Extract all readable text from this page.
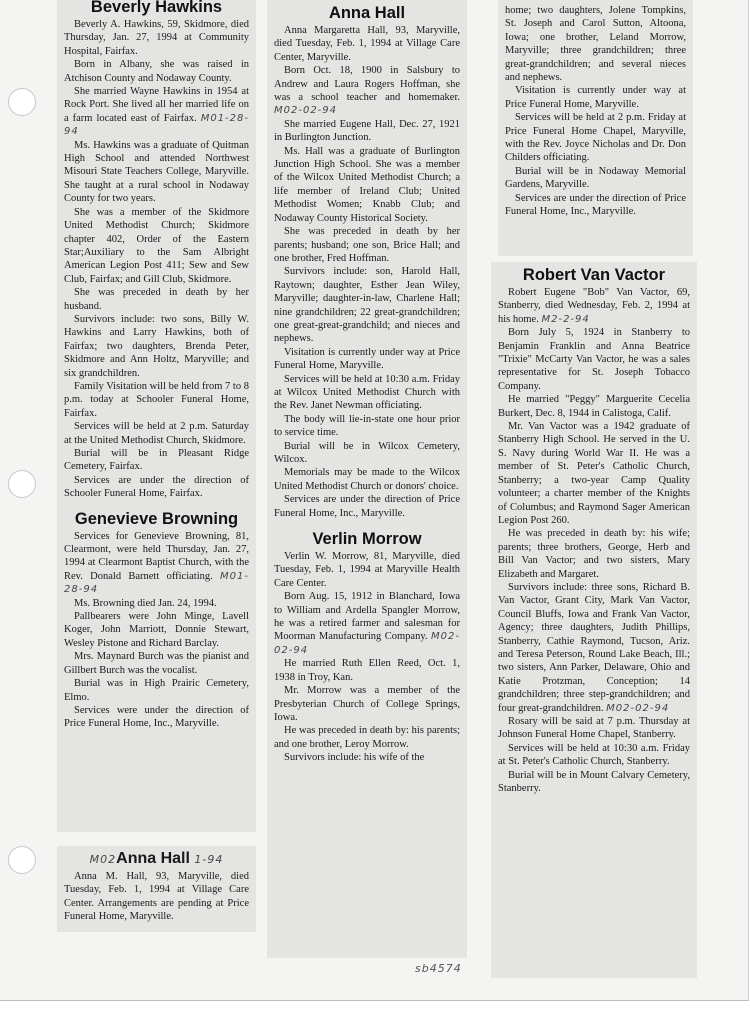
Beverly Hawkins

Beverly A. Hawkins, 59, Skidmore, died Thursday, Jan. 27, 1994 at Community Hospital, Fairfax.

Born in Albany, she was raised in Atchison County and Nodaway County.

She married Wayne Hawkins in 1954 at Rock Port. She lived all her married life on a farm located east of Fairfax. M01-28-94

Ms. Hawkins was a graduate of Quitman High School and attended Northwest Misouri State Teachers College, Maryville. She taught at a rural school in Nodaway County for two years.

She was a member of the Skidmore United Methodist Church; Skidmore chapter 402, Order of the Eastern Star;Auxiliary to the Sam Albright American Legion Post 411; Sew and Sew Club, Fairfax; and Gill Club, Skidmore.

She was preceded in death by her husband.

Survivors include: two sons, Billy W. Hawkins and Larry Hawkins, both of Fairfax; two daughters, Brenda Peter, Skidmore and Ann Holtz, Maryville; and six grandchildren.

Family Visitation will be held from 7 to 8 p.m. today at Schooler Funeral Home, Fairfax.

Services will be held at 2 p.m. Saturday at the United Methodist Church, Skidmore.

Burial will be in Pleasant Ridge Cemetery, Fairfax.

Services are under the direction of Schooler Funeral Home, Fairfax.

Genevieve Browning

Services for Genevieve Browning, 81, Clearmont, were held Thursday, Jan. 27, 1994 at Clearmont Baptist Church, with the Rev. Donald Barnett officiating. M01-28-94

Ms. Browning died Jan. 24, 1994.

Pallbearers were John Minge, Lavell Koger, John Marriott, Donnie Stewart, Wesley Pistone and Richard Barclay.

Mrs. Maynard Burch was the pianist and Gillbert Burch was the vocalist.

Burial was in High Prairic Cemetery, Elmo.

Services were under the direction of Price Funeral Home, Inc., Maryville.

M02Anna Hall 1-94

Anna M. Hall, 93, Maryville, died Tuesday, Feb. 1, 1994 at Village Care Center. Arrangements are pending at Price Funeral Home, Maryville.

Anna Hall

Anna Margaretta Hall, 93, Maryville, died Tuesday, Feb. 1, 1994 at Village Care Center, Maryville.

Born Oct. 18, 1900 in Salsbury to Andrew and Laura Rogers Hoffman, she was a school teacher and homemaker. M02-02-94

She married Eugene Hall, Dec. 27, 1921 in Burlington Junction.

Ms. Hall was a graduate of Burlington Junction High School. She was a member of the Wilcox United Methodist Church; a life member of Ireland Club; United Methodist Women; Knabb Club; and Nodaway County Historical Society.

She was preceded in death by her parents; husband; one son, Brice Hall; and one brother, Fred Hoffman.

Survivors include: son, Harold Hall, Raytown; daughter, Esther Jean Wiley, Maryville; daughter-in-law, Charlene Hall; nine grandchildren; 22 great-grandchildren; one great-great-grandchild; and nieces and nephews.

Visitation is currently under way at Price Funeral Home, Maryville.

Services will be held at 10:30 a.m. Friday at Wilcox United Methodist Church with the Rev. Janet Newman officiating.

The body will lie-in-state one hour prior to service time.

Burial will be in Wilcox Cemetery, Wilcox.

Memorials may be made to the Wilcox United Methodist Church or donors' choice.

Services are under the direction of Price Funeral Home, Inc., Maryville.

Verlin Morrow

Verlin W. Morrow, 81, Maryville, died Tuesday, Feb. 1, 1994 at Maryville Health Care Center.

Born Aug. 15, 1912 in Blanchard, Iowa to William and Ardella Spangler Morrow, he was a retired farmer and salesman for Moorman Manufacturing Company. M02-02-94

He married Ruth Ellen Reed, Oct. 1, 1938 in Troy, Kan.

Mr. Morrow was a member of the Presbyterian Church of College Springs, Iowa.

He was preceded in death by: his parents; and one brother, Leroy Morrow.

Survivors include: his wife of the

home; two daughters, Jolene Tompkins, St. Joseph and Carol Sutton, Altoona, Iowa; one brother, Leland Morrow, Maryville; three grandchildren; three great-grandchildren; and several nieces and nephews.

Visitation is currently under way at Price Funeral Home, Maryville.

Services will be held at 2 p.m. Friday at Price Funeral Home Chapel, Maryville, with the Rev. Joyce Nicholas and Dr. Don Childers officiating.

Burial will be in Nodaway Memorial Gardens, Maryville.

Services are under the direction of Price Funeral Home, Inc., Maryville.

Robert Van Vactor

Robert Eugene "Bob" Van Vactor, 69, Stanberry, died Wednesday, Feb. 2, 1994 at his home. M2-2-94

Born July 5, 1924 in Stanberry to Benjamin Franklin and Anna Beatrice "Trixie" McCarty Van Vactor, he was a sales representative for St. Joseph Tobacco Company.

He married "Peggy" Marguerite Cecelia Burkert, Dec. 8, 1944 in Calistoga, Calif.

Mr. Van Vactor was a 1942 graduate of Stanberry High School. He served in the U. S. Navy during World War II. He was a member of St. Peter's Catholic Church, Stanberry; a two-year Camp Quality volunteer; a charter member of the Knights of Columbus; and Raymond Sager American Legion Post 260.

He was preceded in death by: his wife; parents; three brothers, George, Herb and Bill Van Vactor; and two sisters, Mary Elizabeth and Margaret.

Survivors include: three sons, Richard B. Van Vactor, Grant City, Mark Van Vactor, Council Bluffs, Iowa and Frank Van Vactor, Agency; three daughters, Judith Phillips, Stanberry, Cathie Raymond, Tucson, Ariz. and Teresa Peterson, Round Lake Beach, Ill.; two sisters, Ann Parker, Delaware, Ohio and Katie Protzman, Conception; 14 grandchildren; three step-grandchildren; and four great-grandchildren. M02-02-94

Rosary will be said at 7 p.m. Thursday at Johnson Funeral Home Chapel, Stanberry.

Services will be held at 10:30 a.m. Friday at St. Peter's Catholic Church, Stanberry.

Burial will be in Mount Calvary Cemetery, Stanberry.

sb4574
